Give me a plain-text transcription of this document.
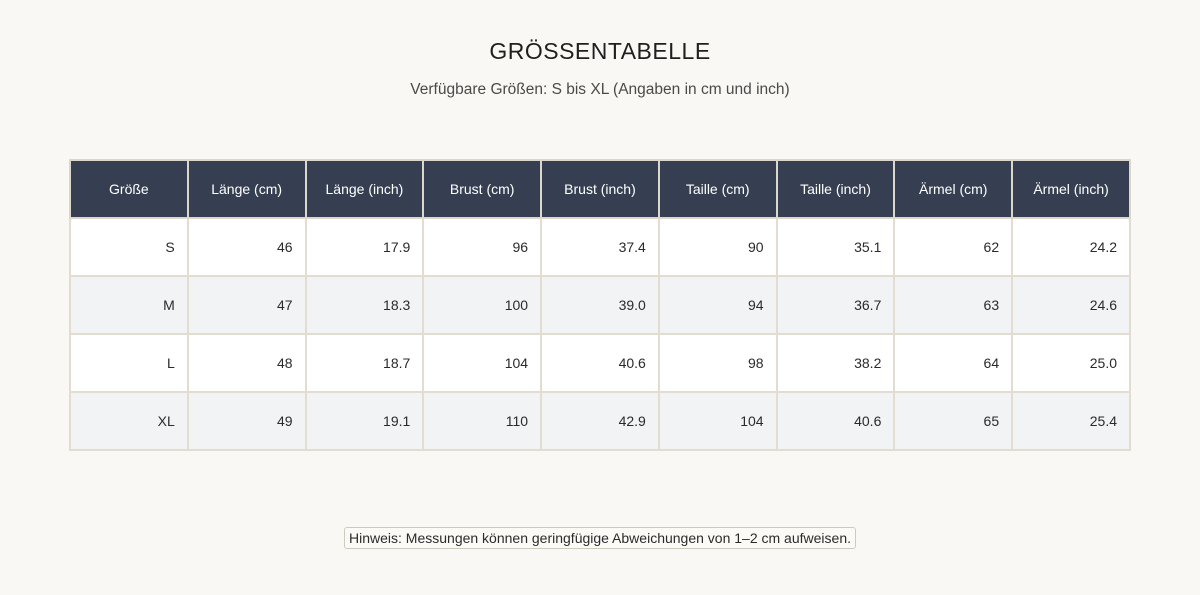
GRÖSSENTABELLE
Verfügbare Größen: S bis XL (Angaben in cm und inch)
Größe	Länge (cm)	Länge (inch)	Brust (cm)	Brust (inch)	Taille (cm)	Taille (inch)	Ärmel (cm)	Ärmel (inch)
S	46	17.9	96	37.4	90	35.1	62	24.2
M	47	18.3	100	39.0	94	36.7	63	24.6
L	48	18.7	104	40.6	98	38.2	64	25.0
XL	49	19.1	110	42.9	104	40.6	65	25.4
Hinweis: Messungen können geringfügige Abweichungen von 1–2 cm aufweisen.
